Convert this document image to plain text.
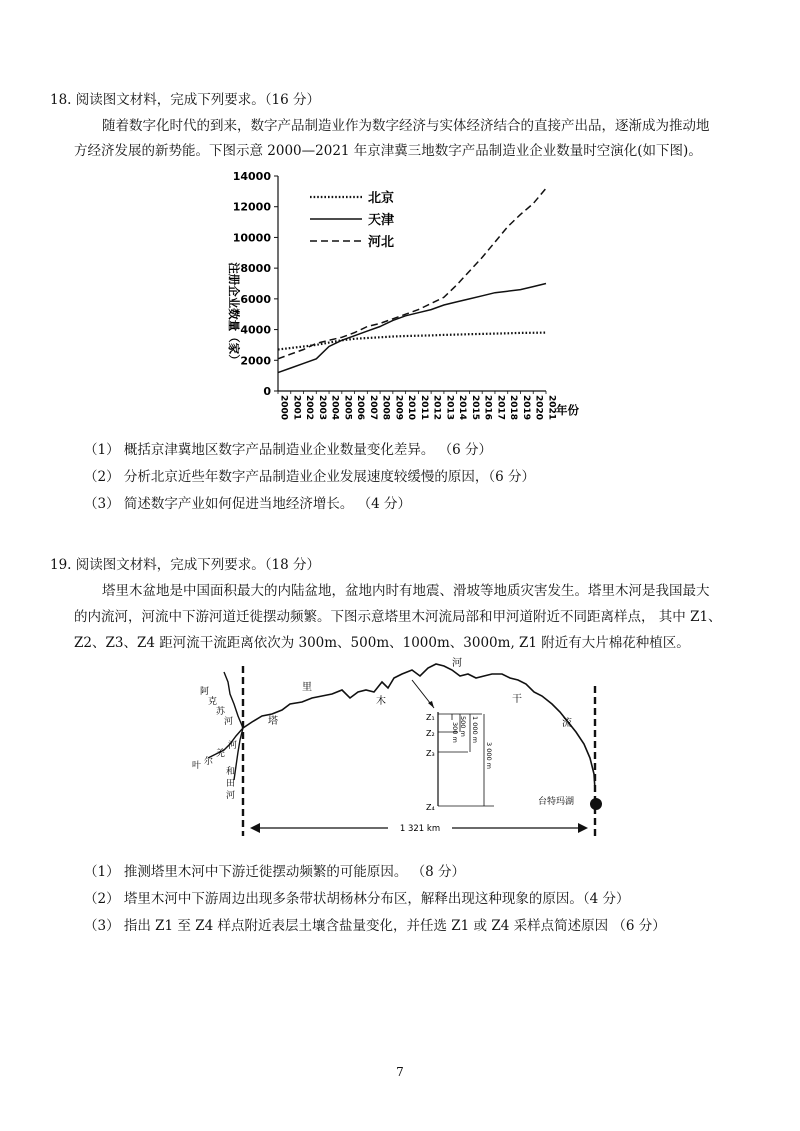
18. 阅读图文材料，完成下列要求。（16 分）
随着数字化时代的到来，数字产品制造业作为数字经济与实体经济结合的直接产出品，逐渐成为推动地
方经济发展的新势能。下图示意 2000—2021 年京津冀三地数字产品制造业企业数量时空演化(如下图)。
0
2000
4000
6000
8000
10000
12000
14000
2000 2001 2002 2003 2004 2005 2006 2007 2008 2009 2010 2011 2012 2013 2014 2015 2016 2017 2018 2019 2020 2021
北京
天津
河北
注册企业数量（家）
年份
（1） 概括京津冀地区数字产品制造业企业数量变化差异。 （6 分）
（2） 分析北京近些年数字产品制造业企业发展速度较缓慢的原因，（6 分）
（3） 简述数字产业如何促进当地经济增长。 （4 分）
19. 阅读图文材料，完成下列要求。（18 分）
塔里木盆地是中国面积最大的内陆盆地，盆地内时有地震、滑坡等地质灾害发生。塔里木河是我国最大
的内流河，河流中下游河道迁徙摆动频繁。下图示意塔里木河流局部和甲河道附近不同距离样点， 其中 Z1、
Z2、Z3、Z4 距河流干流距离依次为 300m、500m、1000m、3000m, Z1 附近有大片棉花种植区。
台特玛湖
塔
里
木
河
干
流
阿
克
苏
河
叶 尔
羌
河
和
田
河
Z₁
Z₂
Z₃
Z₄
300 m 500 m 1 000 m
3 000 m
1 321 km
（1） 推测塔里木河中下游迁徙摆动频繁的可能原因。 （8 分）
（2） 塔里木河中下游周边出现多条带状胡杨林分布区，解释出现这种现象的原因。（4 分）
（3） 指出 Z1 至 Z4 样点附近表层土壤含盐量变化，并任选 Z1 或 Z4 采样点简述原因 （6 分）
7
